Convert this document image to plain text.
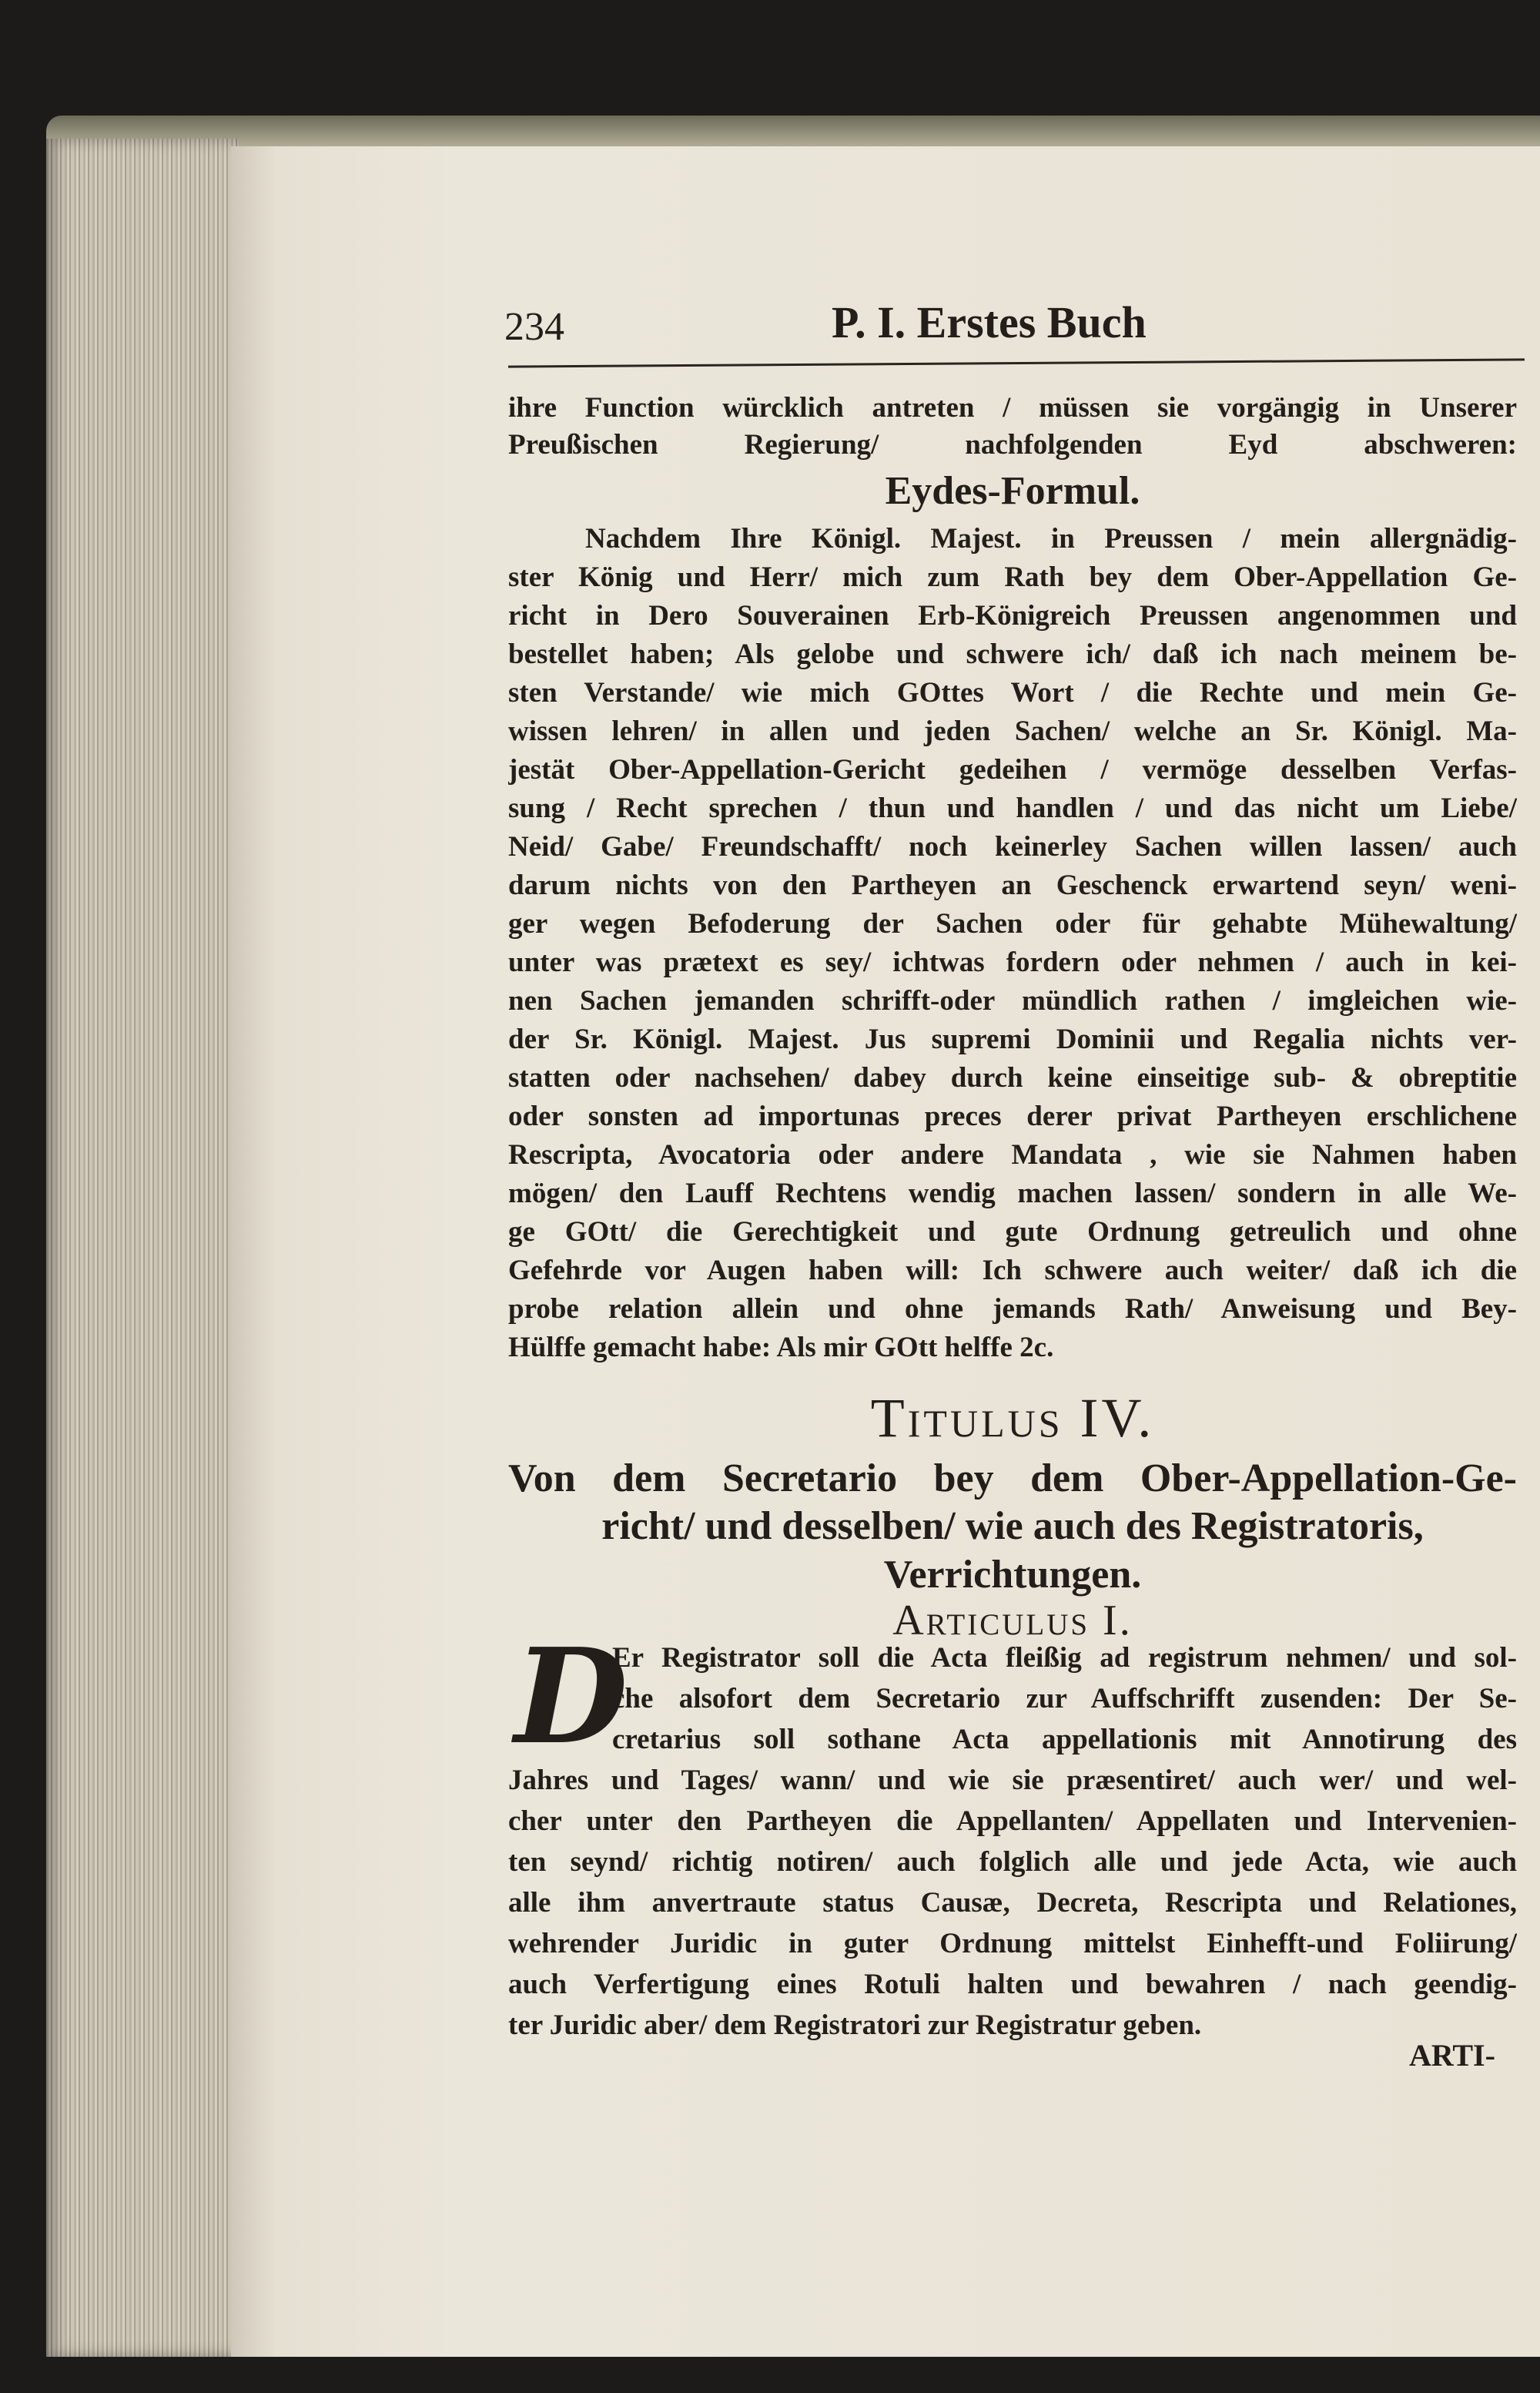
234	P. I. Erstes Buch
ihre Function würcklich antreten / müssen sie vorgängig in Unserer
Preußischen Regierung/ nachfolgenden Eyd abschweren:
Eydes-Formul.
Nachdem Ihre Königl. Majest. in Preussen / mein allergnädig-
ster König und Herr/ mich zum Rath bey dem Ober-Appellation Ge-
richt in Dero Souverainen Erb-Königreich Preussen angenommen und
bestellet haben; Als gelobe und schwere ich/ daß ich nach meinem be-
sten Verstande/ wie mich GOttes Wort / die Rechte und mein Ge-
wissen lehren/ in allen und jeden Sachen/ welche an Sr. Königl. Ma-
jestät Ober-Appellation-Gericht gedeihen / vermöge desselben Verfas-
sung / Recht sprechen / thun und handlen / und das nicht um Liebe/
Neid/ Gabe/ Freundschafft/ noch keinerley Sachen willen lassen/ auch
darum nichts von den Partheyen an Geschenck erwartend seyn/ weni-
ger wegen Befoderung der Sachen oder für gehabte Mühewaltung/
unter was prætext es sey/ ichtwas fordern oder nehmen / auch in kei-
nen Sachen jemanden schrifft-oder mündlich rathen / imgleichen wie-
der Sr. Königl. Majest. Jus supremi Dominii und Regalia nichts ver-
statten oder nachsehen/ dabey durch keine einseitige sub- & obreptitie
oder sonsten ad importunas preces derer privat Partheyen erschlichene
Rescripta, Avocatoria oder andere Mandata , wie sie Nahmen haben
mögen/ den Lauff Rechtens wendig machen lassen/ sondern in alle We-
ge GOtt/ die Gerechtigkeit und gute Ordnung getreulich und ohne
Gefehrde vor Augen haben will: Ich schwere auch weiter/ daß ich die
probe relation allein und ohne jemands Rath/ Anweisung und Bey-
Hülffe gemacht habe: Als mir GOtt helffe 2c.
Titulus IV.
Von dem Secretario bey dem Ober-Appellation-Ge-
richt/ und desselben/ wie auch des Registratoris,
Verrichtungen.
Articulus I.
D
Er Registrator soll die Acta fleißig ad registrum nehmen/ und sol-
che alsofort dem Secretario zur Auffschrifft zusenden: Der Se-
cretarius soll sothane Acta appellationis mit Annotirung des
Jahres und Tages/ wann/ und wie sie præsentiret/ auch wer/ und wel-
cher unter den Partheyen die Appellanten/ Appellaten und Intervenien-
ten seynd/ richtig notiren/ auch folglich alle und jede Acta, wie auch
alle ihm anvertraute status Causæ, Decreta, Rescripta und Relationes,
wehrender Juridic in guter Ordnung mittelst Einhefft-und Foliirung/
auch Verfertigung eines Rotuli halten und bewahren / nach geendig-
ter Juridic aber/ dem Registratori zur Registratur geben.
ARTI-
